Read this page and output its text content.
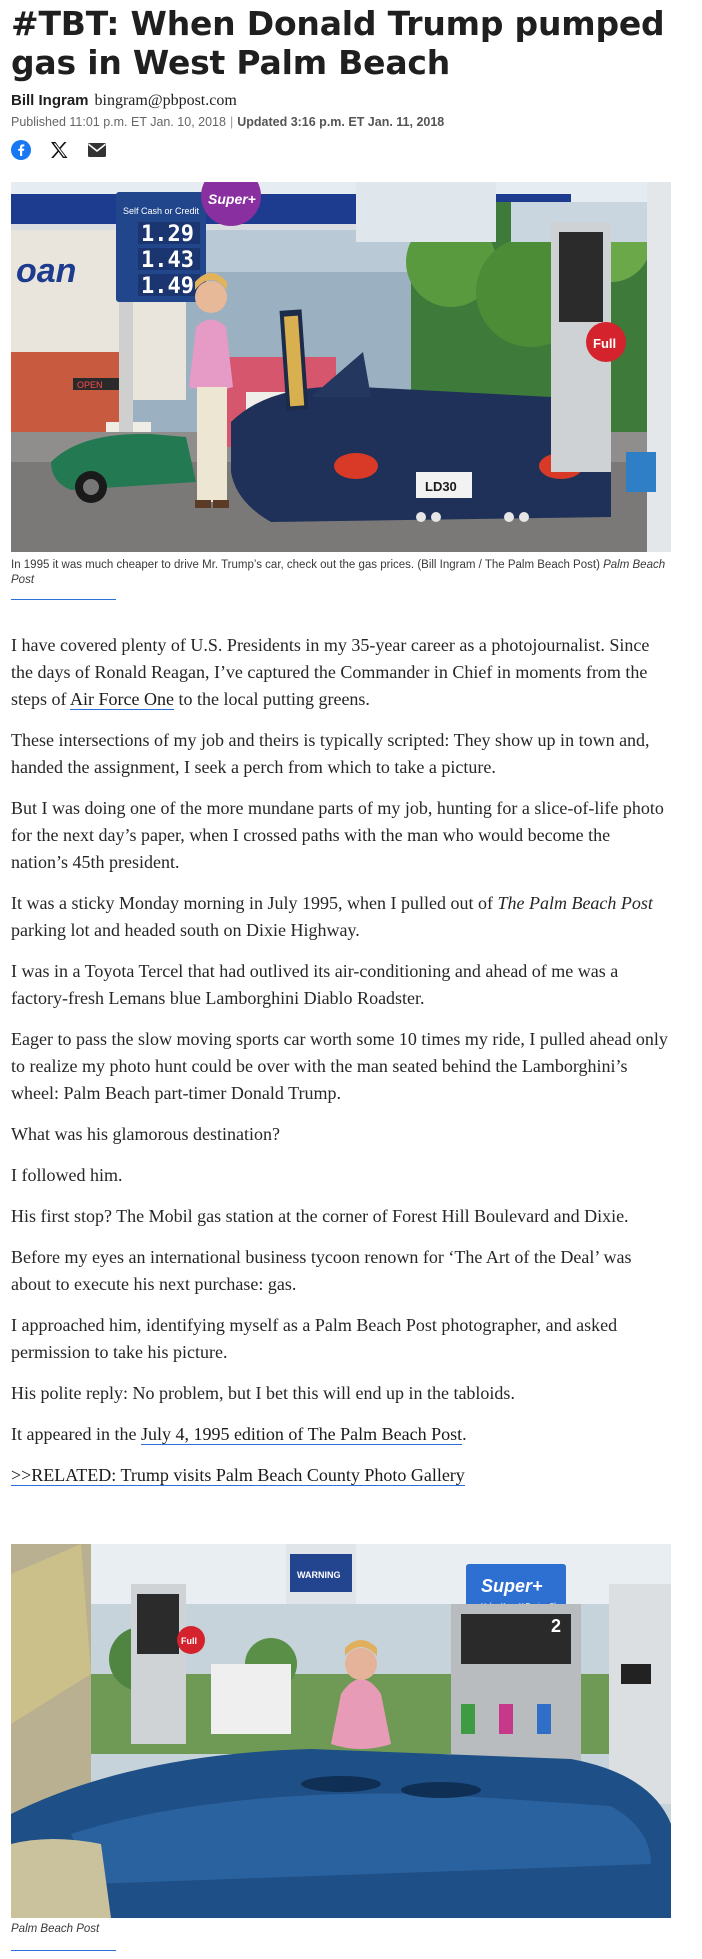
#TBT: When Donald Trump pumped gas in West Palm Beach
Bill Ingram bingram@pbpost.com
Published 11:01 p.m. ET Jan. 10, 2018 | Updated 3:16 p.m. ET Jan. 11, 2018
oan
OPEN
Self Cash or Credit
1.29
1.43
1.49
Super+
LD30
Full
In 1995 it was much cheaper to drive Mr. Trump’s car, check out the gas prices. (Bill Ingram / The Palm Beach Post) Palm Beach Post

I have covered plenty of U.S. Presidents in my 35-year career as a photojournalist. Since the days of Ronald Reagan, I’ve captured the Commander in Chief in moments from the steps of Air Force One to the local putting greens.

These intersections of my job and theirs is typically scripted: They show up in town and, handed the assignment, I seek a perch from which to take a picture.

But I was doing one of the more mundane parts of my job, hunting for a slice-of-life photo for the next day’s paper, when I crossed paths with the man who would become the nation’s 45th president.

It was a sticky Monday morning in July 1995, when I pulled out of The Palm Beach Post parking lot and headed south on Dixie Highway.

I was in a Toyota Tercel that had outlived its air-conditioning and ahead of me was a factory-fresh Lemans blue Lamborghini Diablo Roadster.

Eager to pass the slow moving sports car worth some 10 times my ride, I pulled ahead only to realize my photo hunt could be over with the man seated behind the Lamborghini’s wheel: Palm Beach part-timer Donald Trump.

What was his glamorous destination?

I followed him.

His first stop? The Mobil gas station at the corner of Forest Hill Boulevard and Dixie.

Before my eyes an international business tycoon renown for ‘The Art of the Deal’ was about to execute his next purchase: gas.

I approached him, identifying myself as a Palm Beach Post photographer, and asked permission to take his picture.

His polite reply: No problem, but I bet this will end up in the tabloids.

It appeared in the July 4, 1995 edition of The Palm Beach Post.

>>RELATED: Trump visits Palm Beach County Photo Gallery

WARNING
Super+
Full
2
Palm Beach Post
